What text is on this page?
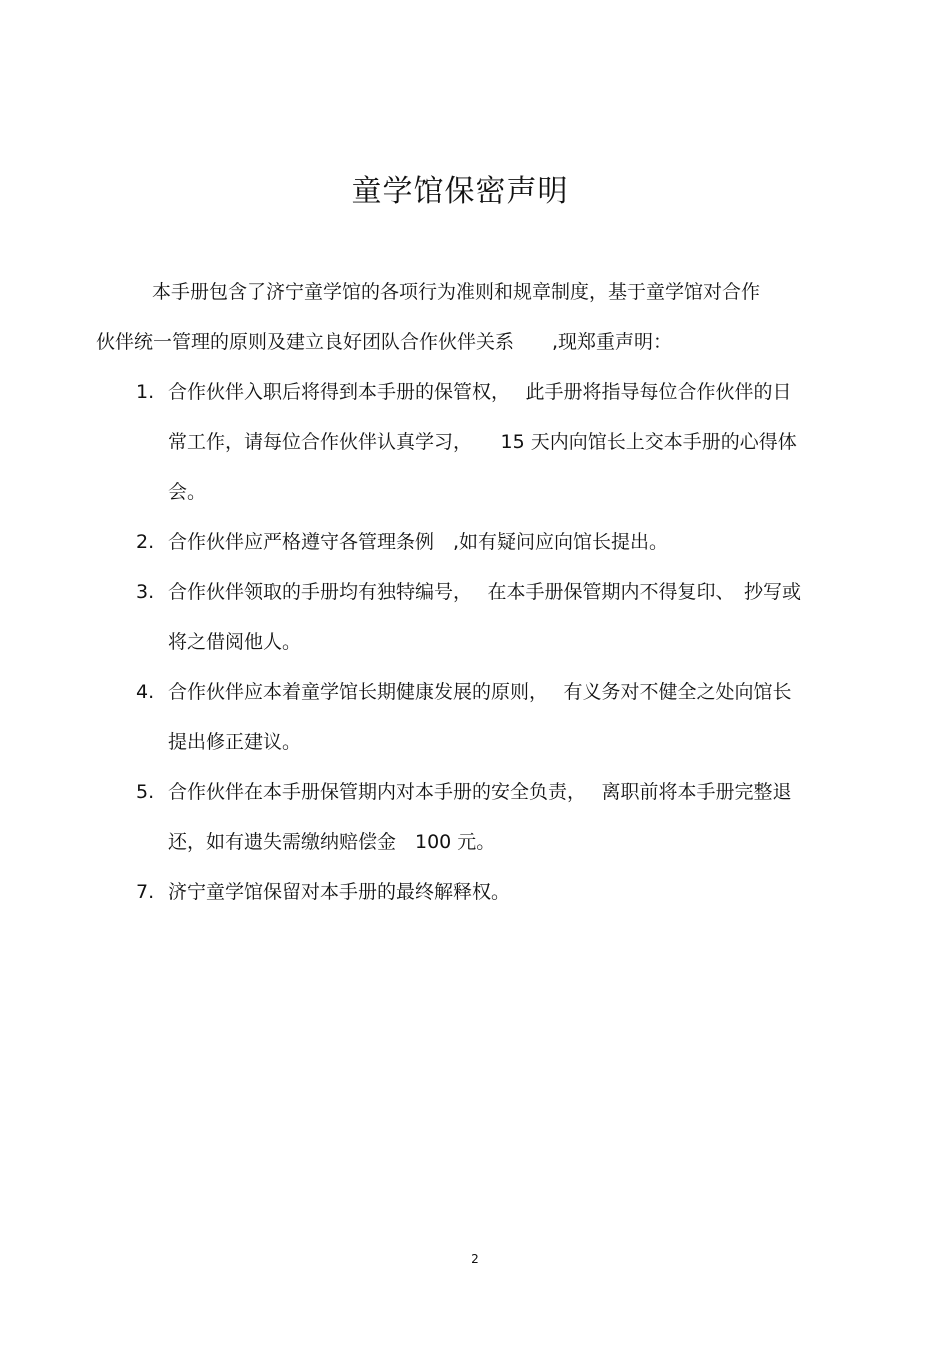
童学馆保密声明
本手册包含了济宁童学馆的各项行为准则和规章制度，基于童学馆对合作
伙伴统一管理的原则及建立良好团队合作伙伴关系　　,现郑重声明：
1. 合作伙伴入职后将得到本手册的保管权，　 此手册将指导每位合作伙伴的日
常工作，请每位合作伙伴认真学习，　　15 天内向馆长上交本手册的心得体
会。
2. 合作伙伴应严格遵守各管理条例　,如有疑问应向馆长提出。
3. 合作伙伴领取的手册均有独特编号，　 在本手册保管期内不得复印、　抄写或
将之借阅他人。
4. 合作伙伴应本着童学馆长期健康发展的原则，　 有义务对不健全之处向馆长
提出修正建议。
5. 合作伙伴在本手册保管期内对本手册的安全负责，　 离职前将本手册完整退
还，如有遗失需缴纳赔偿金　100 元。
7. 济宁童学馆保留对本手册的最终解释权。
2
